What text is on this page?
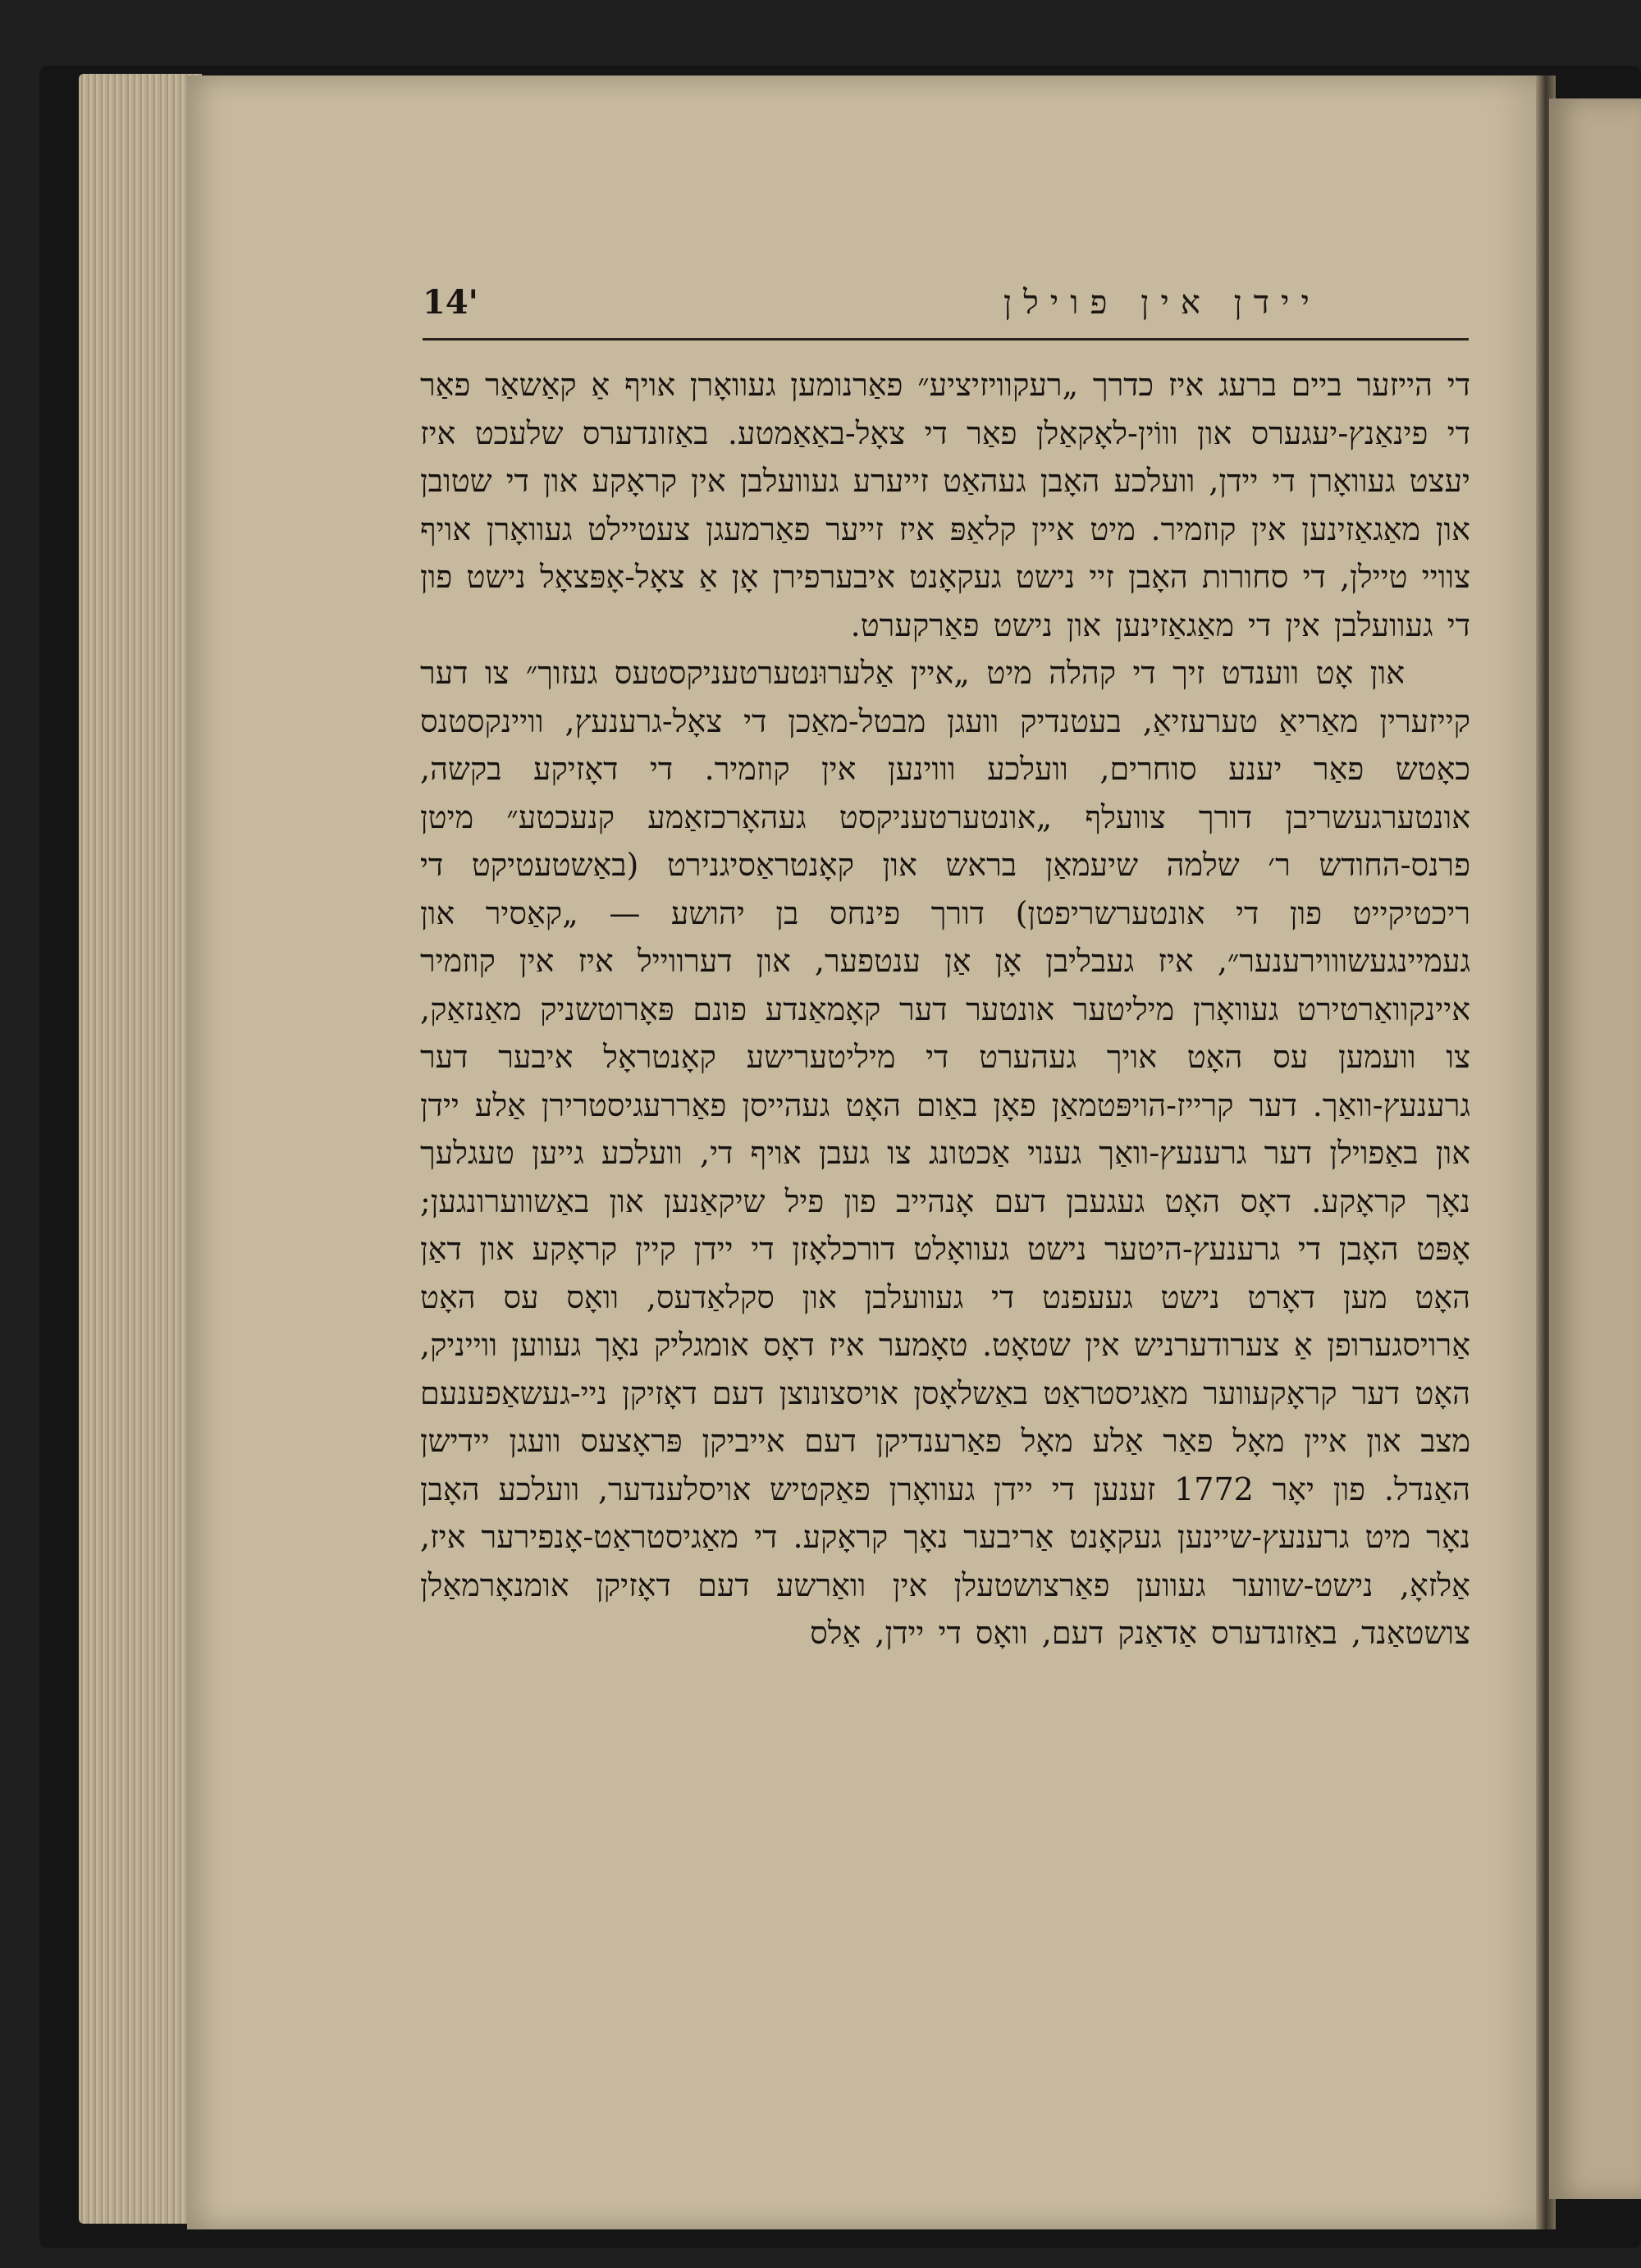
14'	יידן אין פוילן

די הייזער ביים ברעג איז כדרך „רעקוויזיציע״ פאַרנומען געוואָרן אויף אַ קאַשאַר פאַר די פינאַנץ-יעגערס און וווֹין-לאָקאַלן פאַר די צאָל-באַאַמטע. באַזונדערס שלעכט איז יעצט געוואָרן די יידן, וועלכע האָבן געהאַט זייערע געוועלבן אין קראָקע און די שטובן און מאַגאַזינען אין קוזמיר. מיט איין קלאַפּ איז זייער פאַרמעגן צעטיילט געוואָרן אויף צוויי טיילן, די סחורות האָבן זיי נישט געקאָנט איבערפירן אָן אַ צאָל-אָפּצאָל נישט פון די געוועלבן אין די מאַגאַזינען און נישט פאַרקערט.

און אָט ווענדט זיך די קהלה מיט „איין אַלערוּנטערטעניקסטעס געזוך״ צו דער קייזערין מאַריאַ טערעזיאַ, בעטנדיק וועגן מבטל-מאַכן די צאָל-גרענעץ, וויינקסטנס כאָטש פאַר יענע סוחרים, וועלכע וווינען אין קוזמיר. די דאָזיקע בקשה, אונטערגעשריבן דורך צוועלף „אונטערטעניקסט געהאָרכזאַמע קנעכטע״ מיטן פרנס-החודש ר׳ שלמה שיעמאַן בראש און קאָנטראַסיגנירט (באַשטעטיקט די ריכטיקייט פון די אונטערשריפטן) דורך פינחס בן יהושע — „קאַסיר און געמיינגעשוווירענער״, איז געבליבן אָן אַן ענטפער, און דערווייל איז אין קוזמיר איינקוואַרטירט געוואָרן מיליטער אונטער דער קאָמאַנדע פונם פּאָרוטשניק מאַנזאַק, צו וועמען עס האָט אויך געהערט די מיליטערישע קאָנטראָל איבער דער גרענעץ-וואַך. דער קרייז-הויפּטמאַן פאָן באַום האָט געהייסן פאַררעגיסטרירן אַלע יידן און באַפוילן דער גרענעץ-וואַך גענוי אַכטונג צו געבן אויף די, וועלכע גייען טעגלעך נאָך קראָקע. דאָס האָט געגעבן דעם אָנהייב פון פיל שיקאַנען און באַשווערונגען; אָפּט האָבן די גרענעץ-היטער נישט געוואָלט דורכלאָזן די יידן קיין קראָקע און דאַן האָט מען דאָרט נישט געעפנט די געוועלבן און סקלאַדעס, וואָס עס האָט אַרויסגערופן אַ צערודערניש אין שטאָט. טאָמער איז דאָס אומגליק נאָך געווען ווייניק, האָט דער קראָקעווער מאַגיסטראַט באַשלאָסן אויסצונוצן דעם דאָזיקן ניי-געשאַפענעם מצב און איין מאָל פאַר אַלע מאָל פאַרענדיקן דעם אייביקן פּראָצעס וועגן יידישן האַנדל. פון יאָר 1772 זענען די יידן געוואָרן פאַקטיש אויסלענדער, וועלכע האָבן נאָר מיט גרענעץ-שיינען געקאָנט אַריבער נאָך קראָקע. די מאַגיסטראַט-אָנפירער איז, אַלזאָ, נישט-שווער געווען פאַרצושטעלן אין וואַרשע דעם דאָזיקן אומנאָרמאַלן צושטאַנד, באַזונדערס אַדאַנק דעם, וואָס די יידן, אַלס
